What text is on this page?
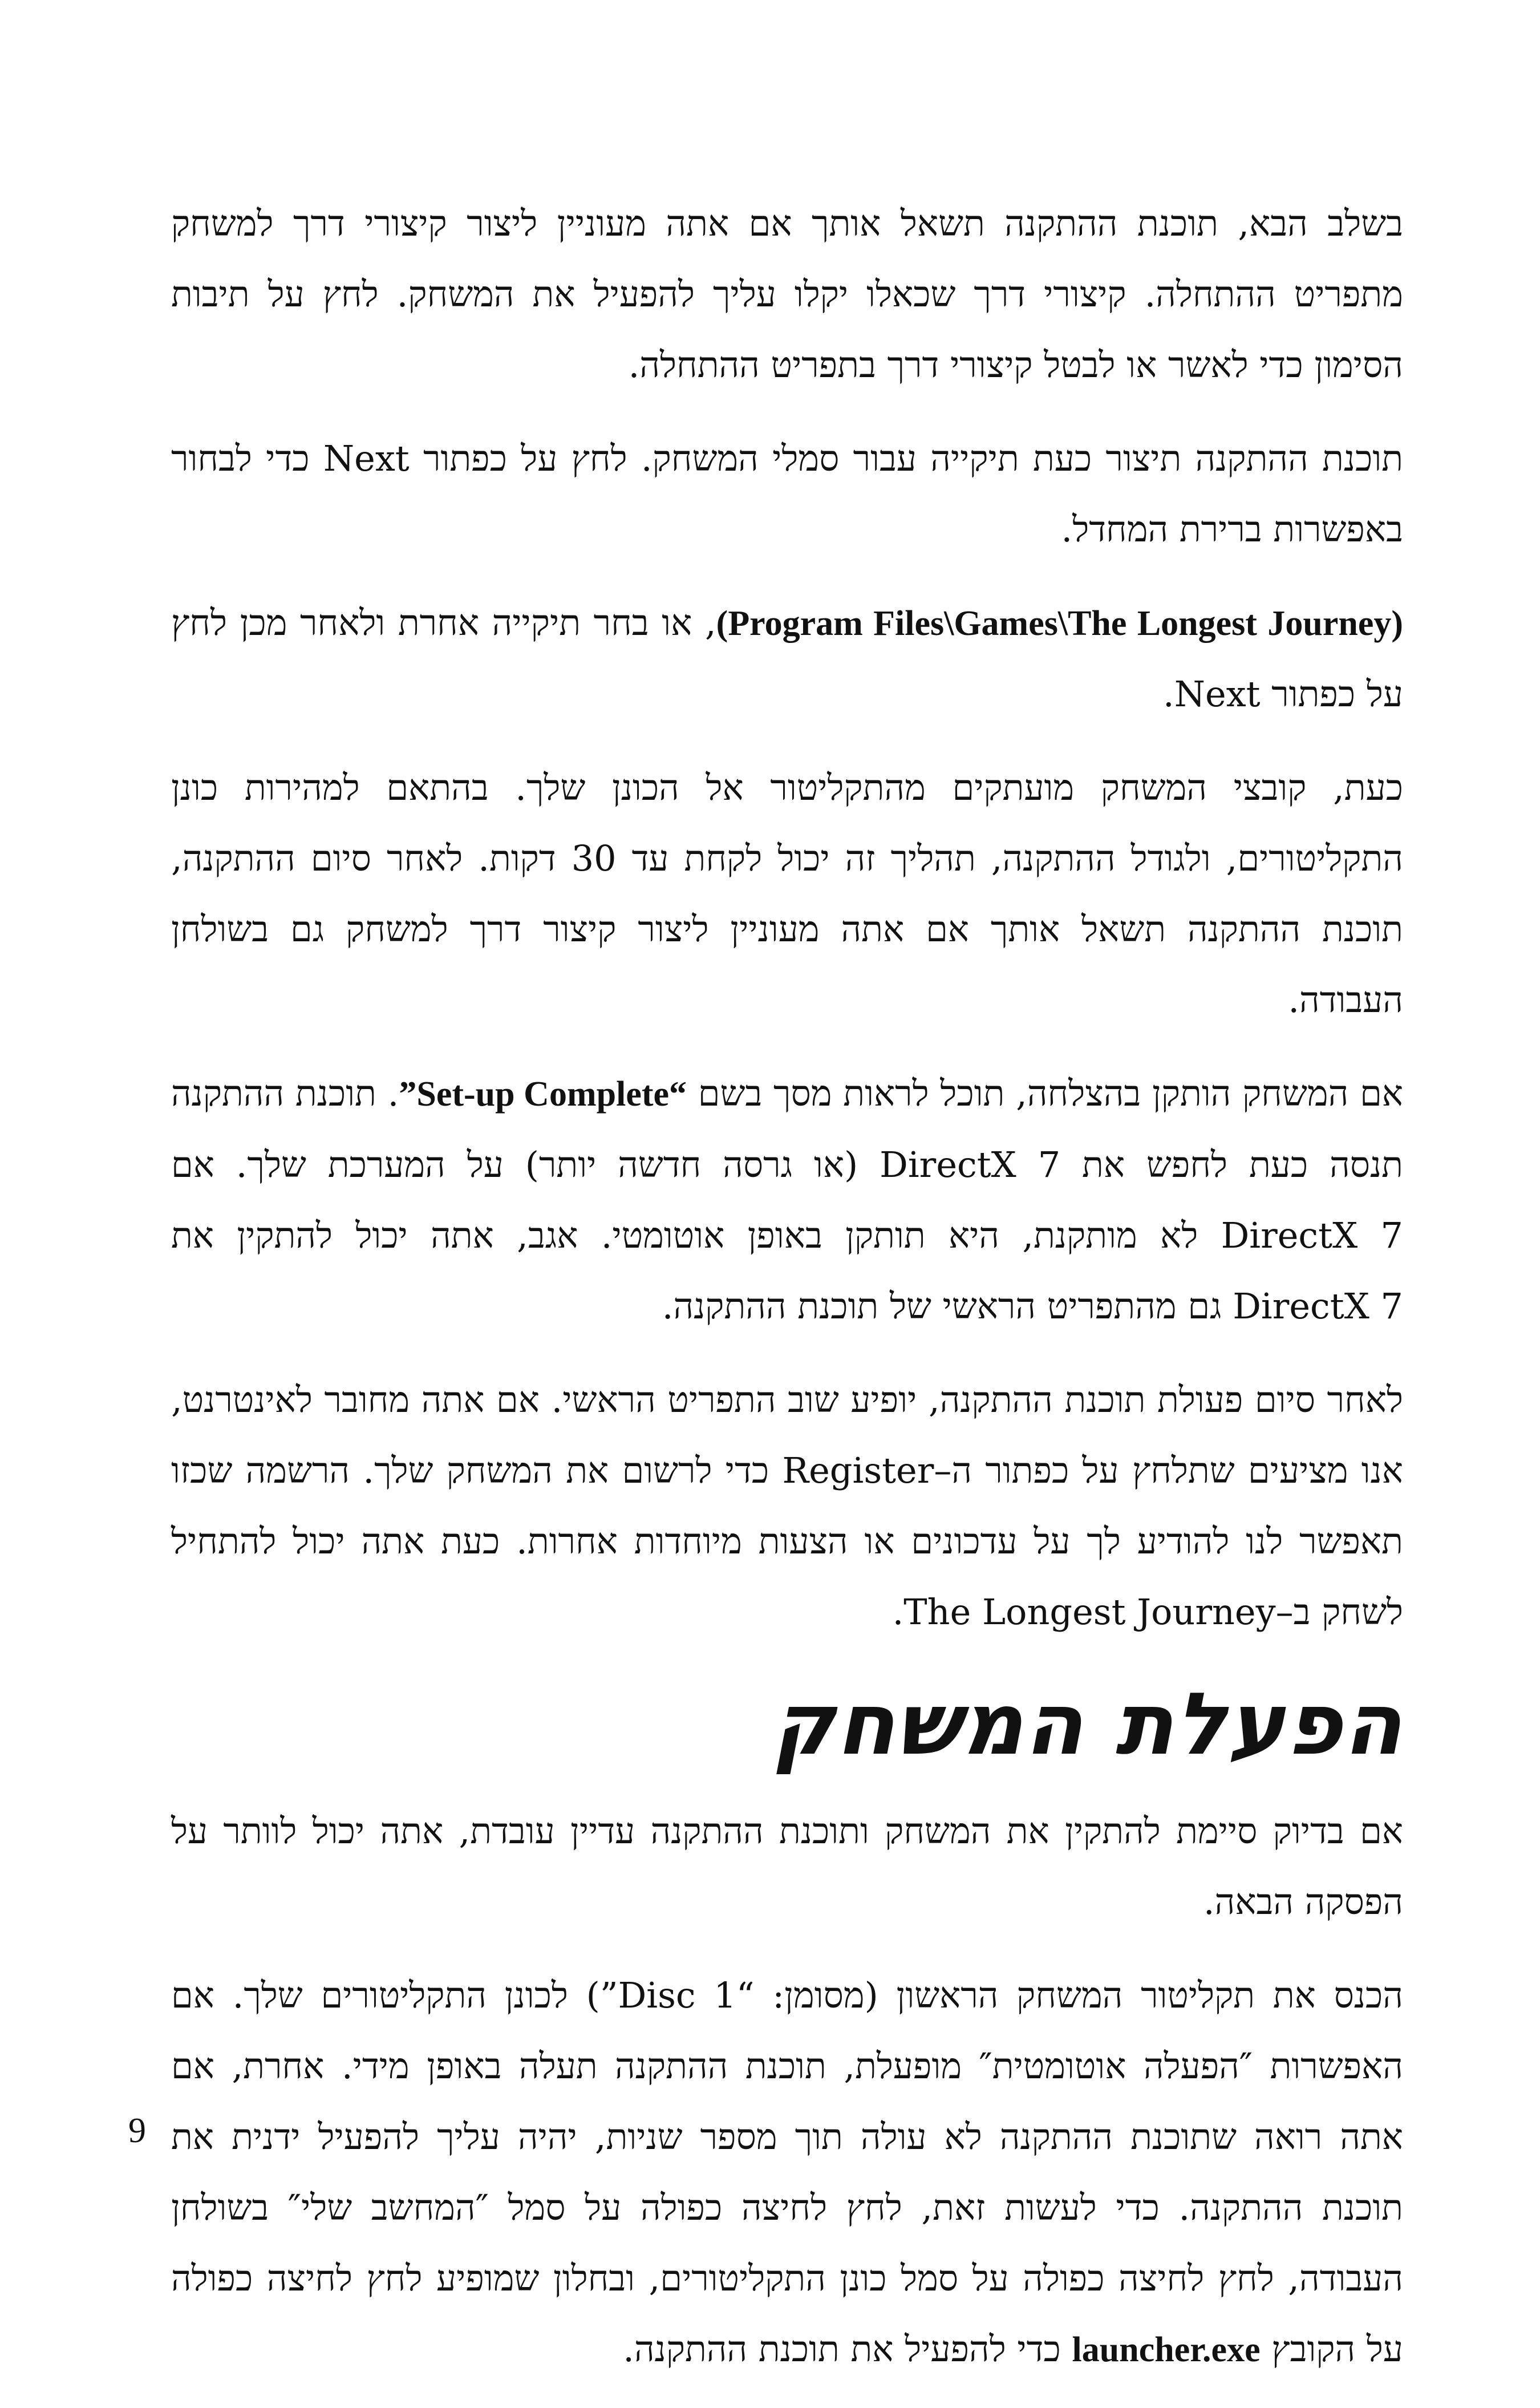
בשלב הבא, תוכנת ההתקנה תשאל אותך אם אתה מעוניין ליצור קיצורי דרך למשחק מתפריט ההתחלה. קיצורי דרך שכאלו יקלו עליך להפעיל את המשחק. לחץ על תיבות הסימון כדי לאשר או לבטל קיצורי דרך בתפריט ההתחלה.

תוכנת ההתקנה תיצור כעת תיקייה עבור סמלי המשחק. לחץ על כפתור Next כדי לבחור באפשרות ברירת המחדל.

(Program Files\Games\The Longest Journey), או בחר תיקייה אחרת ולאחר מכן לחץ על כפתור Next.

כעת, קובצי המשחק מועתקים מהתקליטור אל הכונן שלך. בהתאם למהירות כונן התקליטורים, ולגודל ההתקנה, תהליך זה יכול לקחת עד 30 דקות. לאחר סיום ההתקנה, תוכנת ההתקנה תשאל אותך אם אתה מעוניין ליצור קיצור דרך למשחק גם בשולחן העבודה.

אם המשחק הותקן בהצלחה, תוכל לראות מסך בשם “Set-up Complete”. תוכנת ההתקנה תנסה כעת לחפש את DirectX 7 (או גרסה חדשה יותר) על המערכת שלך. אם DirectX 7 לא מותקנת, היא תותקן באופן אוטומטי. אגב, אתה יכול להתקין את DirectX 7 גם מהתפריט הראשי של תוכנת ההתקנה.

לאחר סיום פעולת תוכנת ההתקנה, יופיע שוב התפריט הראשי. אם אתה מחובר לאינטרנט, אנו מציעים שתלחץ על כפתור ה–Register כדי לרשום את המשחק שלך. הרשמה שכזו תאפשר לנו להודיע לך על עדכונים או הצעות מיוחדות אחרות. כעת אתה יכול להתחיל לשחק ב–The Longest Journey.

הפעלת המשחק

אם בדיוק סיימת להתקין את המשחק ותוכנת ההתקנה עדיין עובדת, אתה יכול לוותר על הפסקה הבאה.

הכנס את תקליטור המשחק הראשון (מסומן: “Disc 1”) לכונן התקליטורים שלך. אם האפשרות ″הפעלה אוטומטית″ מופעלת, תוכנת ההתקנה תעלה באופן מידי. אחרת, אם אתה רואה שתוכנת ההתקנה לא עולה תוך מספר שניות, יהיה עליך להפעיל ידנית את תוכנת ההתקנה. כדי לעשות זאת, לחץ לחיצה כפולה על סמל ″המחשב שלי″ בשולחן העבודה, לחץ לחיצה כפולה על סמל כונן התקליטורים, ובחלון שמופיע לחץ לחיצה כפולה על הקובץ launcher.exe כדי להפעיל את תוכנת ההתקנה.

9
